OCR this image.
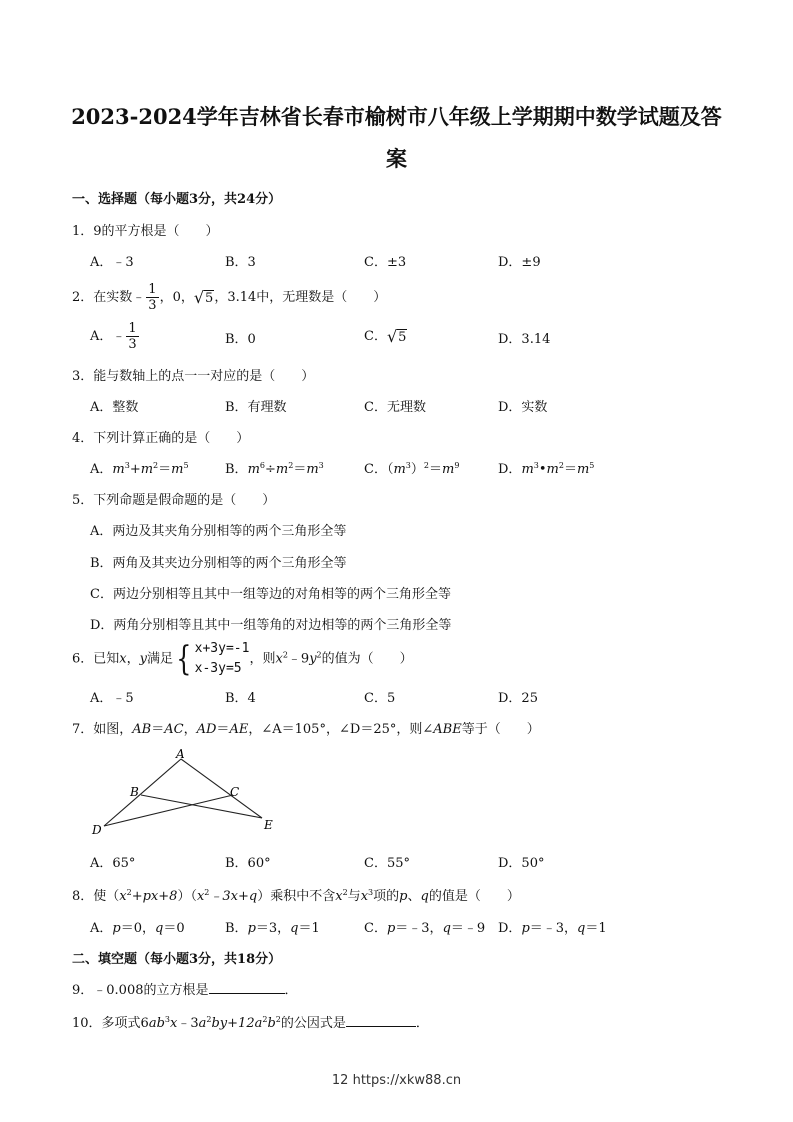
2023-2024学年吉林省长春市榆树市八年级上学期期中数学试题及答
案
一、选择题（每小题3分，共24分）
1．9的平方根是（　　）
A．﹣3	B．3	C．±3	D．±9
2．在实数﹣ $\frac{1}{3}$ ，0， √ 5 ，3.14中，无理数是（　　）
A．﹣ $\frac{1}{3}$	B．0	C． √ 5	D．3.14
3．能与数轴上的点一一对应的是（　　）
A．整数	B．有理数	C．无理数	D．实数
4．下列计算正确的是（　　）
A．$m^3+m^2=m^5$	B．$m^6\div m^2=m^3$	C．$(m^3)^2=m^9$	D．$m^3•m^2=m^5$
5．下列命题是假命题的是（　　）
A．两边及其夹角分别相等的两个三角形全等
B．两角及其夹边分别相等的两个三角形全等
C．两边分别相等且其中一组等边的对角相等的两个三角形全等
D．两角分别相等且其中一组等角的对边相等的两个三角形全等
6．已知x，y满足 { x+3y=-1
x-3y=5
，则$x^2﹣9y^2$的值为（　　）
A．﹣5	B．4	C．5	D．25
7．如图，AB＝AC，AD＝AE，∠A＝105°，∠D＝25°，则∠ABE等于（　　）
A
B	C
D	E
A．65°	B．60°	C．55°	D．50°
8．使$(x^2+px+8)(x^2﹣3x+q)$乘积中不含$x^2$与$x^3$项的p、q的值是（　　）
A．p＝0，q＝0	B．p＝3，q＝1	C．p＝﹣3，q＝﹣9 D．p＝﹣3，q＝1
二、填空题（每小题3分，共18分）
9．﹣0.008的立方根是	．
10．多项式$6ab^3x﹣3a^2by+12a^2b^2$的公因式是	．
12 https://xkw88.cn
